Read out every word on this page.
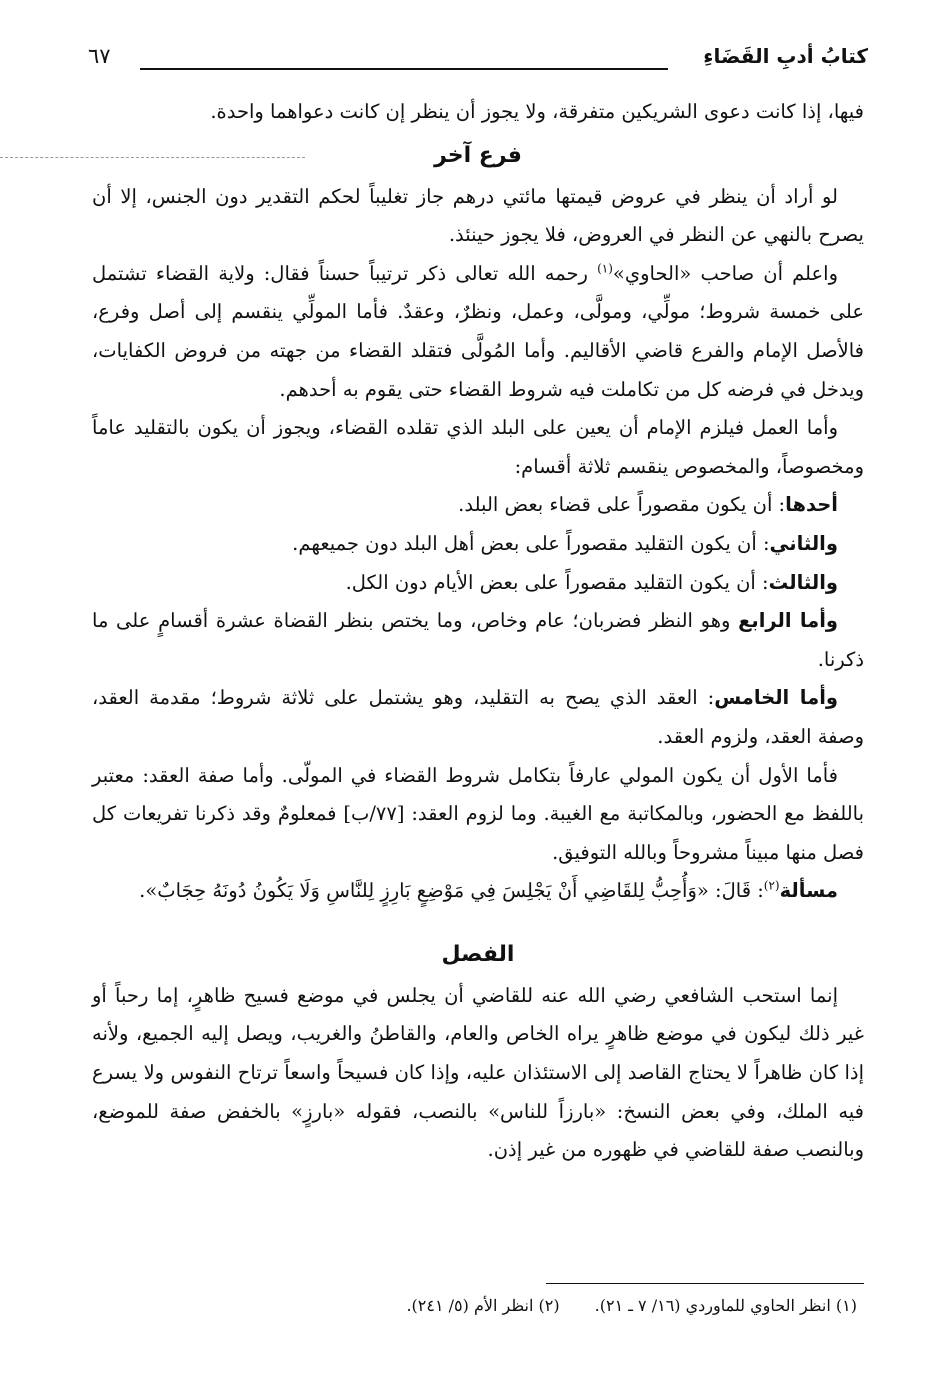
كتابُ أدبِ القَضَاءِ
٦٧

فيها، إذا كانت دعوى الشريكين متفرقة، ولا يجوز أن ينظر إن كانت دعواهما واحدة.

فرع آخر

لو أراد أن ينظر في عروض قيمتها مائتي درهم جاز تغليباً لحكم التقدير دون الجنس، إلا أن يصرح بالنهي عن النظر في العروض، فلا يجوز حينئذ.

واعلم أن صاحب «الحاوي»$^{(١)}$ رحمه الله تعالى ذكر ترتيباً حسناً فقال: ولاية القضاء تشتمل على خمسة شروط؛ مولِّي، ومولَّى، وعمل، ونظرٌ، وعقدٌ. فأما المولِّي ينقسم إلى أصل وفرع، فالأصل الإمام والفرع قاضي الأقاليم. وأما المُولَّى فتقلد القضاء من جهته من فروض الكفايات، ويدخل في فرضه كل من تكاملت فيه شروط القضاء حتى يقوم به أحدهم.

وأما العمل فيلزم الإمام أن يعين على البلد الذي تقلده القضاء، ويجوز أن يكون بالتقليد عاماً ومخصوصاً، والمخصوص ينقسم ثلاثة أقسام:

أحدها: أن يكون مقصوراً على قضاء بعض البلد.

والثاني: أن يكون التقليد مقصوراً على بعض أهل البلد دون جميعهم.

والثالث: أن يكون التقليد مقصوراً على بعض الأيام دون الكل.

وأما الرابع وهو النظر فضربان؛ عام وخاص، وما يختص بنظر القضاة عشرة أقسامٍ على ما ذكرنا.

وأما الخامس: العقد الذي يصح به التقليد، وهو يشتمل على ثلاثة شروط؛ مقدمة العقد، وصفة العقد، ولزوم العقد.

فأما الأول أن يكون المولي عارفاً بتكامل شروط القضاء في المولّى. وأما صفة العقد: معتبر باللفظ مع الحضور، وبالمكاتبة مع الغيبة. وما لزوم العقد: [٧٧/ب] فمعلومٌ وقد ذكرنا تفريعات كل فصل منها مبيناً مشروحاً وبالله التوفيق.

مسألة$^{(٢)}$: قَالَ: «وَأُحِبُّ لِلقَاضِي أَنْ يَجْلِسَ فِي مَوْضِعٍ بَارِزٍ لِلنَّاسِ وَلَا يَكُونُ دُونَهُ حِجَابٌ».

الفصل

إنما استحب الشافعي رضي الله عنه للقاضي أن يجلس في موضع فسيح ظاهرٍ، إما رحباً أو غير ذلك ليكون في موضع ظاهرٍ يراه الخاص والعام، والقاطنُ والغريب، ويصل إليه الجميع، ولأنه إذا كان ظاهراً لا يحتاج القاصد إلى الاستئذان عليه، وإذا كان فسيحاً واسعاً ترتاح النفوس ولا يسرع فيه الملك، وفي بعض النسخ: «بارزاً للناس» بالنصب، فقوله «بارزٍ» بالخفض صفة للموضع، وبالنصب صفة للقاضي في ظهوره من غير إذن.

(١) انظر الحاوي للماوردي (١٦/ ٧ ـ ٢١). (٢) انظر الأم (٥/ ٢٤١).
